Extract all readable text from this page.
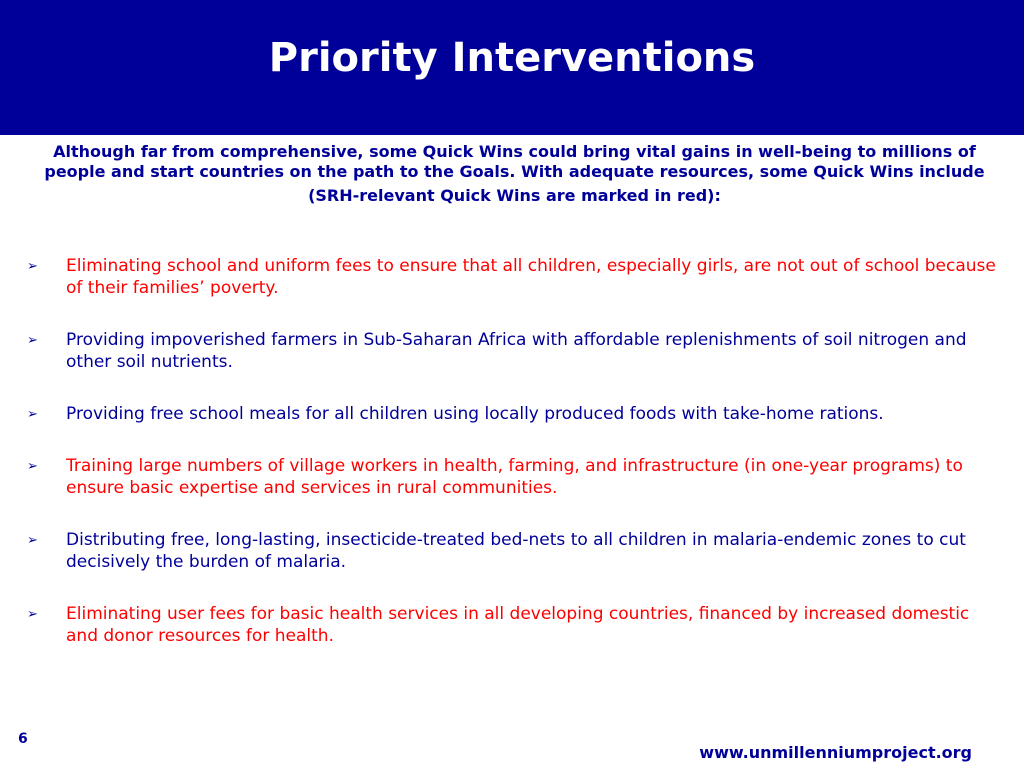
Priority Interventions

Although far from comprehensive, some Quick Wins could bring vital gains in well-being to millions of people and start countries on the path to the Goals. With adequate resources, some Quick Wins include

(SRH-relevant Quick Wins are marked in red):

➢ Eliminating school and uniform fees to ensure that all children, especially girls, are not out of school because of their families’ poverty.
➢ Providing impoverished farmers in Sub-Saharan Africa with affordable replenishments of soil nitrogen and other soil nutrients.
➢ Providing free school meals for all children using locally produced foods with take-home rations.
➢ Training large numbers of village workers in health, farming, and infrastructure (in one-year programs) to ensure basic expertise and services in rural communities.
➢ Distributing free, long-lasting, insecticide-treated bed-nets to all children in malaria-endemic zones to cut decisively the burden of malaria.
➢ Eliminating user fees for basic health services in all developing countries, financed by increased domestic and donor resources for health.
6
www.unmillenniumproject.org
